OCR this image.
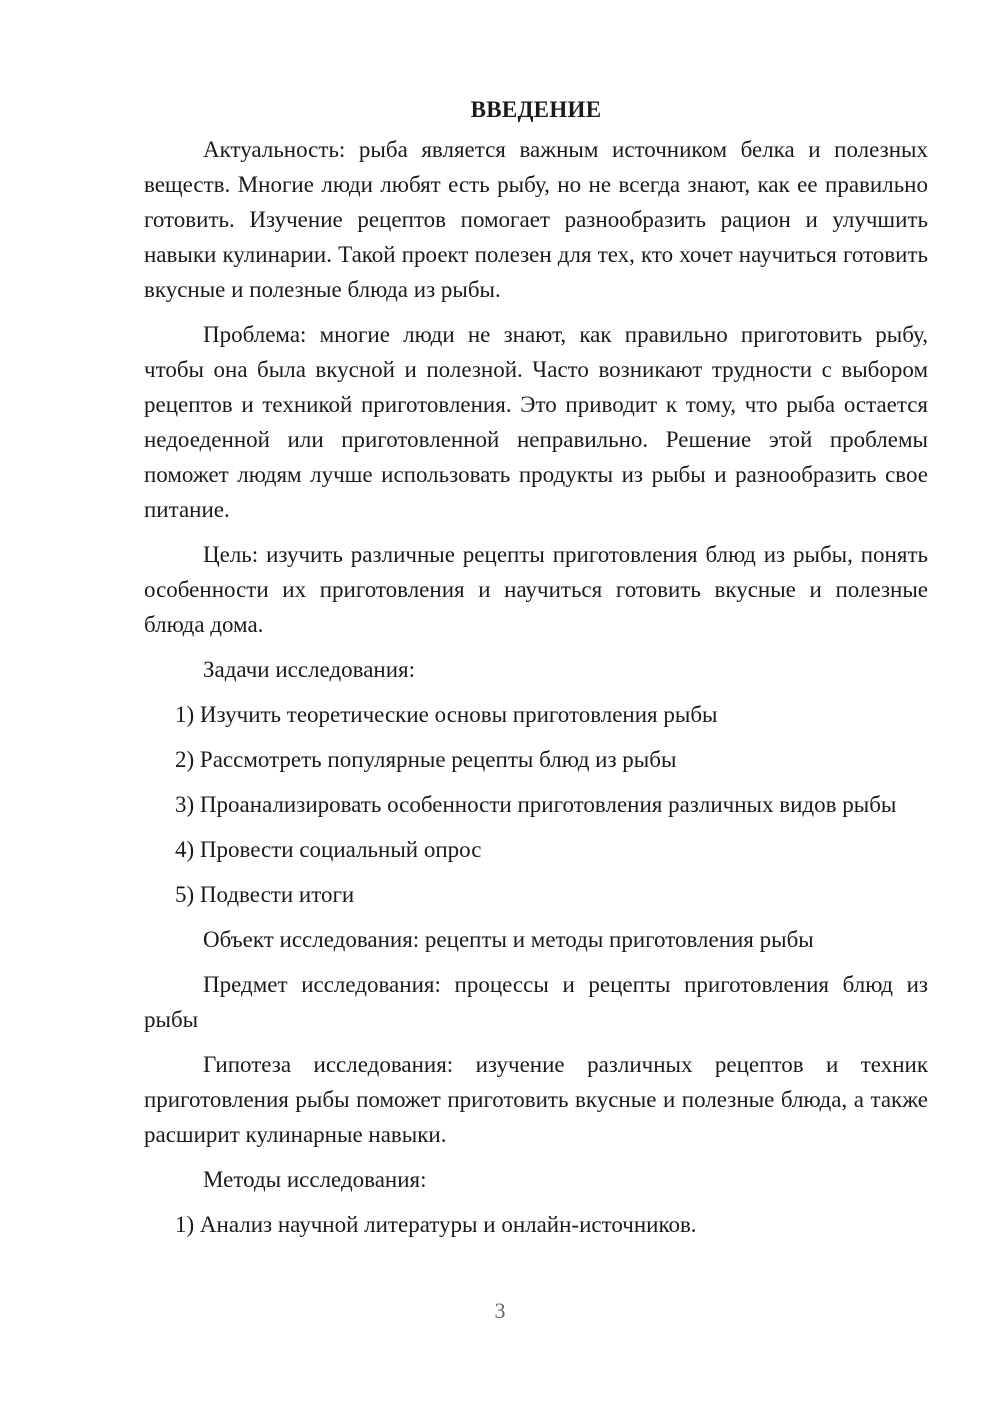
ВВЕДЕНИЕ

Актуальность: рыба является важным источником белка и полезных веществ. Многие люди любят есть рыбу, но не всегда знают, как ее правильно готовить. Изучение рецептов помогает разнообразить рацион и улучшить навыки кулинарии. Такой проект полезен для тех, кто хочет научиться готовить вкусные и полезные блюда из рыбы.

Проблема: многие люди не знают, как правильно приготовить рыбу, чтобы она была вкусной и полезной. Часто возникают трудности с выбором рецептов и техникой приготовления. Это приводит к тому, что рыба остается недоеденной или приготовленной неправильно. Решение этой проблемы поможет людям лучше использовать продукты из рыбы и разнообразить свое питание.

Цель: изучить различные рецепты приготовления блюд из рыбы, понять особенности их приготовления и научиться готовить вкусные и полезные блюда дома.

Задачи исследования:

1) Изучить теоретические основы приготовления рыбы

2) Рассмотреть популярные рецепты блюд из рыбы

3) Проанализировать особенности приготовления различных видов рыбы

4) Провести социальный опрос

5) Подвести итоги

Объект исследования: рецепты и методы приготовления рыбы

Предмет исследования: процессы и рецепты приготовления блюд из рыбы

Гипотеза исследования: изучение различных рецептов и техник приготовления рыбы поможет приготовить вкусные и полезные блюда, а также расширит кулинарные навыки.

Методы исследования:

1) Анализ научной литературы и онлайн-источников.

3
